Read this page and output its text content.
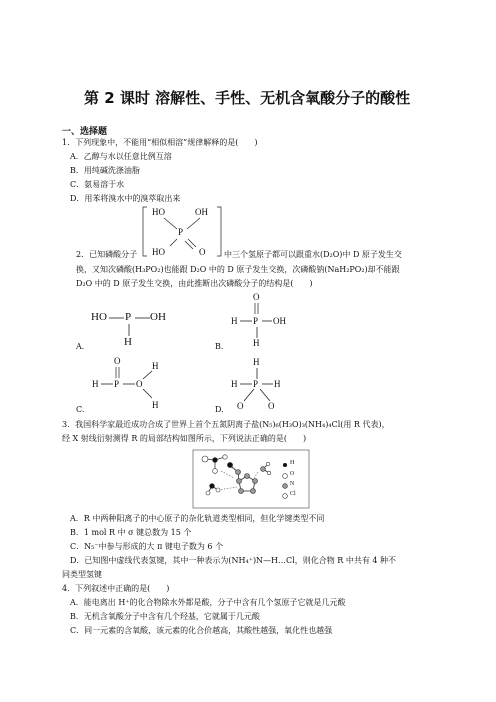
第 2 课时 溶解性、手性、无机含氧酸分子的酸性
一、选择题
1．下列现象中，不能用“相似相溶”规律解释的是(　　)
A．乙醇与水以任意比例互溶
B．用纯碱洗涤油脂
C．氨易溶于水
D．用苯将溴水中的溴萃取出来
HO	OH
P
HO	O
2．已知磷酸分子	中三个氢原子都可以跟重水(D₂O)中 D 原子发生交
换，又知次磷酸(H₃PO₂)也能跟 D₂O 中的 D 原子发生交换，次磷酸钠(NaH₂PO₂)却不能跟
D₂O 中的 D 原子发生交换，由此推断出次磷酸分子的结构是(　　)
A.
HO P OH
H	B.
O
H P OH
H
C.
O	H
H P O
H	D.
H
H P H
O	O
3．我国科学家最近成功合成了世界上首个五氮阴离子盐(N₅)₆(H₃O)₃(NH₄)₄Cl(用 R 代表)，
经 X 射线衍射测得 R 的局部结构如图所示，下列说法正确的是(　　)
H
O
N
Cl
A．R 中两种阳离子的中心原子的杂化轨道类型相同，但化学键类型不同
B．1 mol R 中 σ 键总数为 15 个
C．N₅⁻中参与形成的大 π 键电子数为 6 个
D．已知图中虚线代表氢键，其中一种表示为(NH₄⁺)N—H…Cl，则化合物 R 中共有 4 种不
同类型氢键
4．下列叙述中正确的是(　　)
A．能电离出 H⁺的化合物除水外都是酸，分子中含有几个氢原子它就是几元酸
B．无机含氧酸分子中含有几个羟基，它就属于几元酸
C．同一元素的含氧酸，该元素的化合价越高，其酸性越强，氧化性也越强
